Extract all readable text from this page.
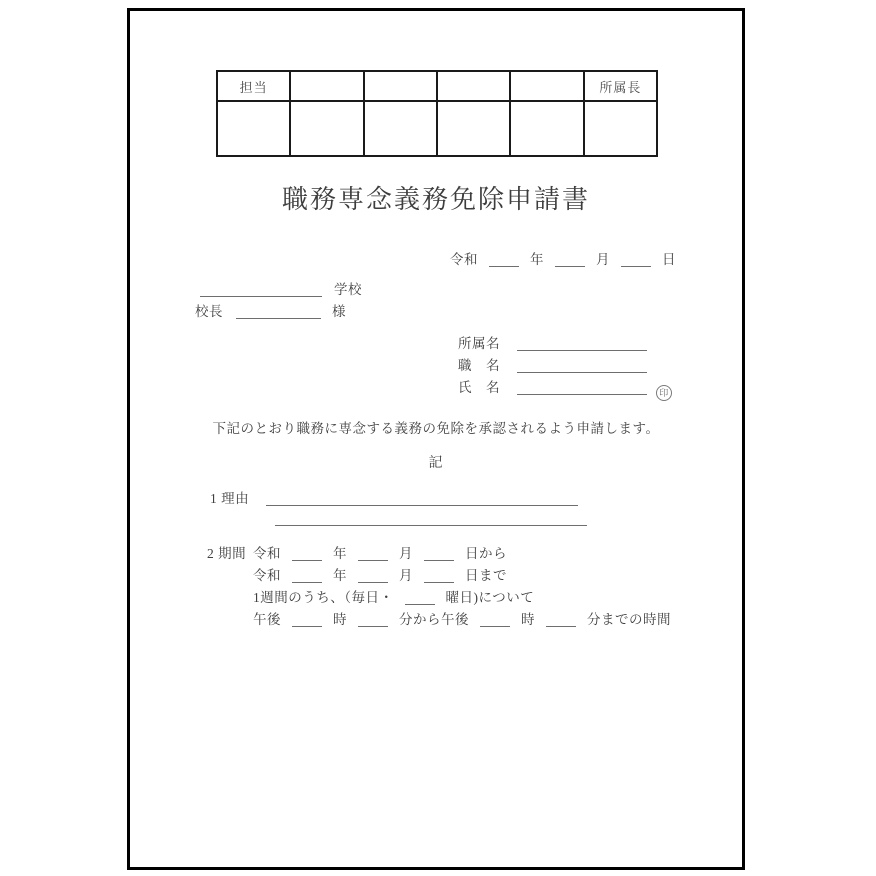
担当					所属長

職務専念義務免除申請書
令和	年	月	日
学校
校長	様
所属名
職　名
氏　名	印
下記のとおり職務に専念する義務の免除を承認されるよう申請します。
記
1 理由
2 期間 令和	年	月	日から
令和	年	月	日まで
1週間のうち、（毎日・	曜日)について
午後	時	分から午後	時	分までの時間
